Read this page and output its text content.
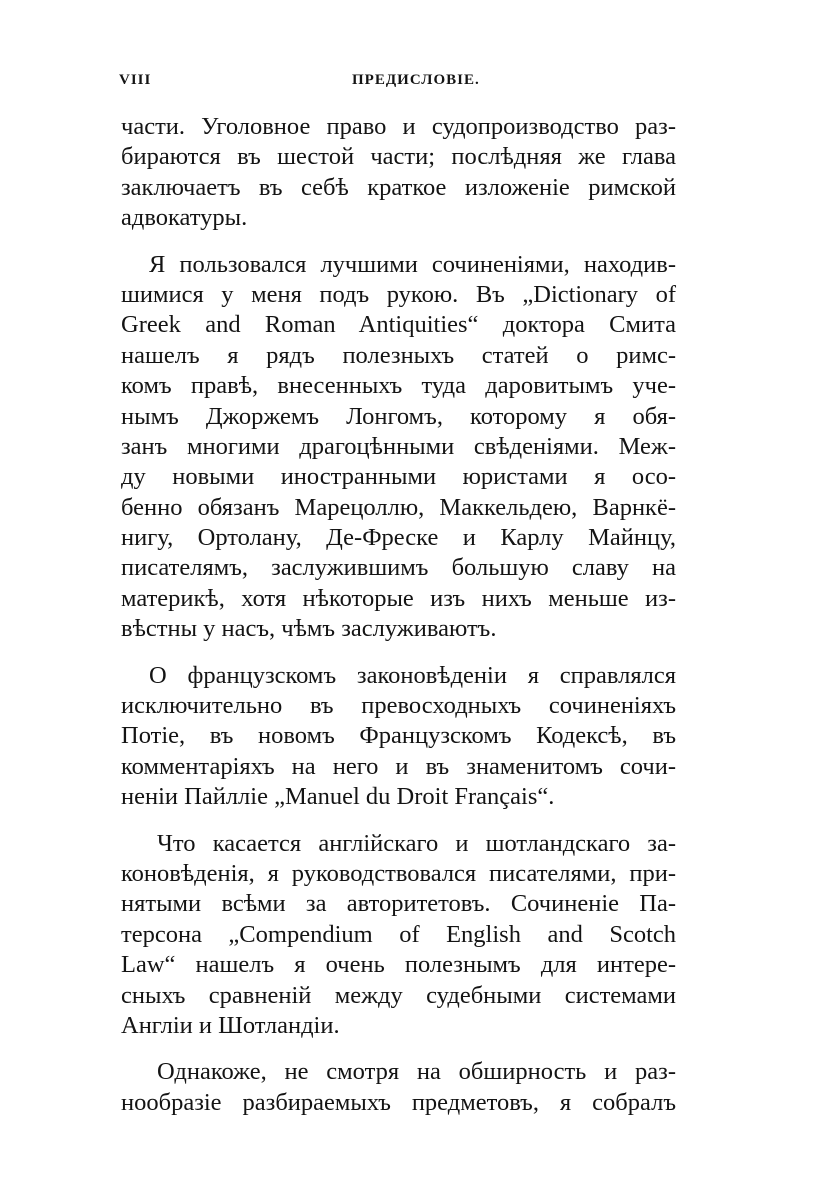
VIII	ПРЕДИСЛОВІЕ.

части. Уголовное право и судопроизводство раз-
бираются въ шестой части; послѣдняя же глава
заключаетъ въ себѣ краткое изложеніе римской
адвокатуры.

Я пользовался лучшими сочиненіями, находив-
шимися у меня подъ рукою. Въ „Dictionary of
Greek and Roman Antiquities“ доктора Смита
нашелъ я рядъ полезныхъ статей о римс-
комъ правѣ, внесенныхъ туда даровитымъ уче-
нымъ Джоржемъ Лонгомъ, которому я обя-
занъ многими драгоцѣнными свѣденіями. Меж-
ду новыми иностранными юристами я осо-
бенно обязанъ Марецоллю, Маккельдею, Варнкё-
нигу, Ортолану, Де-Фреске и Карлу Майнцу,
писателямъ, заслужившимъ большую славу на
материкѣ, хотя нѣкоторые изъ нихъ меньше из-
вѣстны у насъ, чѣмъ заслуживаютъ.

О французскомъ законовѣденіи я справлялся
исключительно въ превосходныхъ сочиненіяхъ
Потіе, въ новомъ Французскомъ Кодексѣ, въ
комментаріяхъ на него и въ знаменитомъ сочи-
неніи Пайлліе „Manuel du Droit Français“.

Что касается англійскаго и шотландскаго за-
коновѣденія, я руководствовался писателями, при-
нятыми всѣми за авторитетовъ. Сочиненіе Па-
терсона „Compendium of English and Scotch
Law“ нашелъ я очень полезнымъ для интере-
сныхъ сравненій между судебными системами
Англіи и Шотландіи.

Однакоже, не смотря на обширность и раз-
нообразіе разбираемыхъ предметовъ, я собралъ
